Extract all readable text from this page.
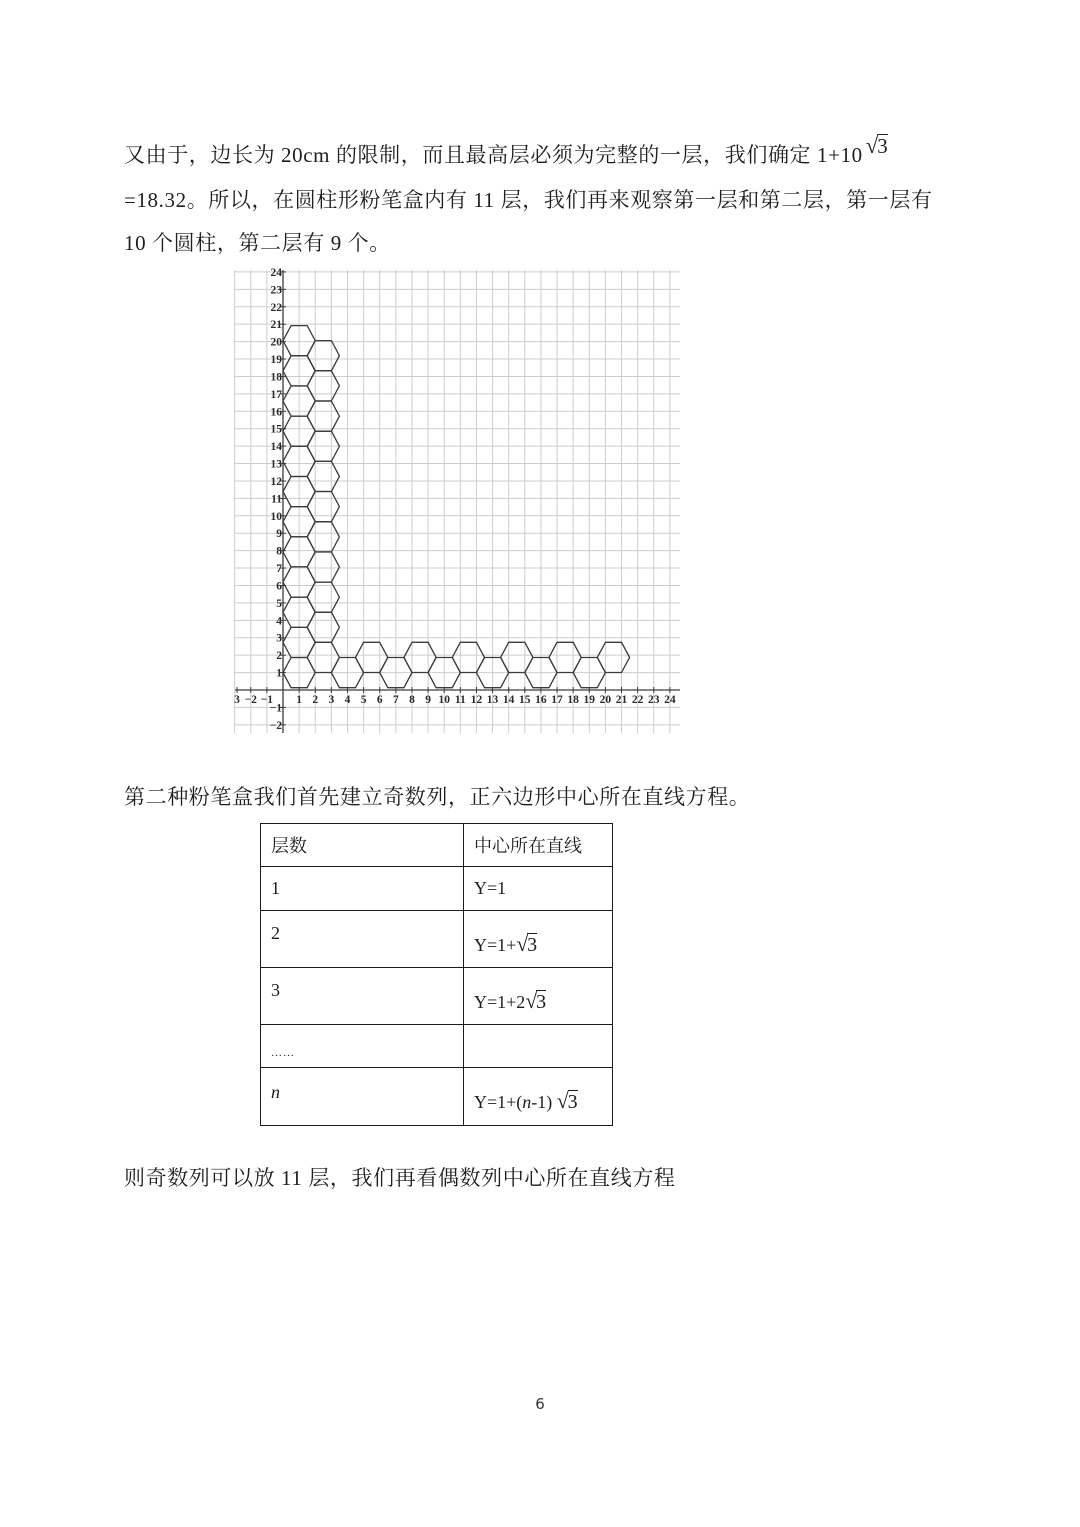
又由于，边长为 20cm 的限制，而且最高层必须为完整的一层，我们确定 1+10 √3
=18.32。所以，在圆柱形粉笔盒内有 11 层，我们再来观察第一层和第二层，第一层有
10 个圆柱，第二层有 9 个。
3 −2 −1 1 2 3 4 5 6 7 8 9 10 11 12 13 14 15 16 17 18 19 20 21 22 23 24
−2
−1
1
2
3
4
5
6
7
8
9
10
11
12
13
14
15
16
17
18
19
20
21
22
23
24
第二种粉笔盒我们首先建立奇数列，正六边形中心所在直线方程。
层数	中心所在直线
1	Y=1
2	Y=1+√3
3	Y=1+2√3
$_{\dots\dots}$	
n	Y=1+(n-1) √3
则奇数列可以放 11 层，我们再看偶数列中心所在直线方程
6
